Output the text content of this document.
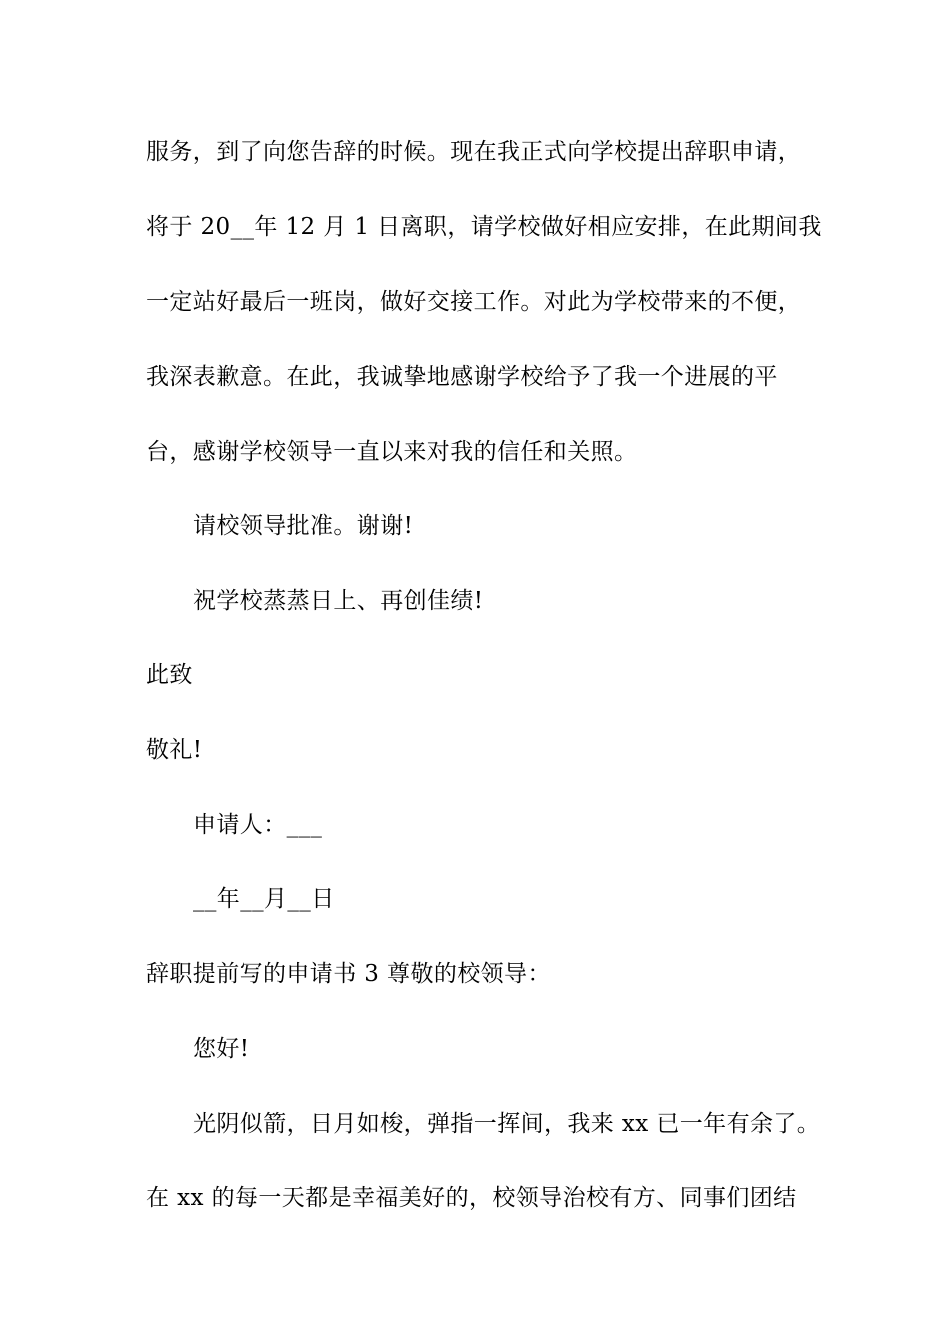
服务，到了向您告辞的时候。现在我正式向学校提出辞职申请，
将于 20__年 12 月 1 日离职，请学校做好相应安排，在此期间我
一定站好最后一班岗，做好交接工作。对此为学校带来的不便，
我深表歉意。在此，我诚挚地感谢学校给予了我一个进展的平
台，感谢学校领导一直以来对我的信任和关照。
请校领导批准。谢谢!
祝学校蒸蒸日上、再创佳绩!
此致
敬礼!
申请人：___
__年__月__日
辞职提前写的申请书 3 尊敬的校领导：
您好!
光阴似箭，日月如梭，弹指一挥间，我来 xx 已一年有余了。
在 xx 的每一天都是幸福美好的，校领导治校有方、同事们团结
